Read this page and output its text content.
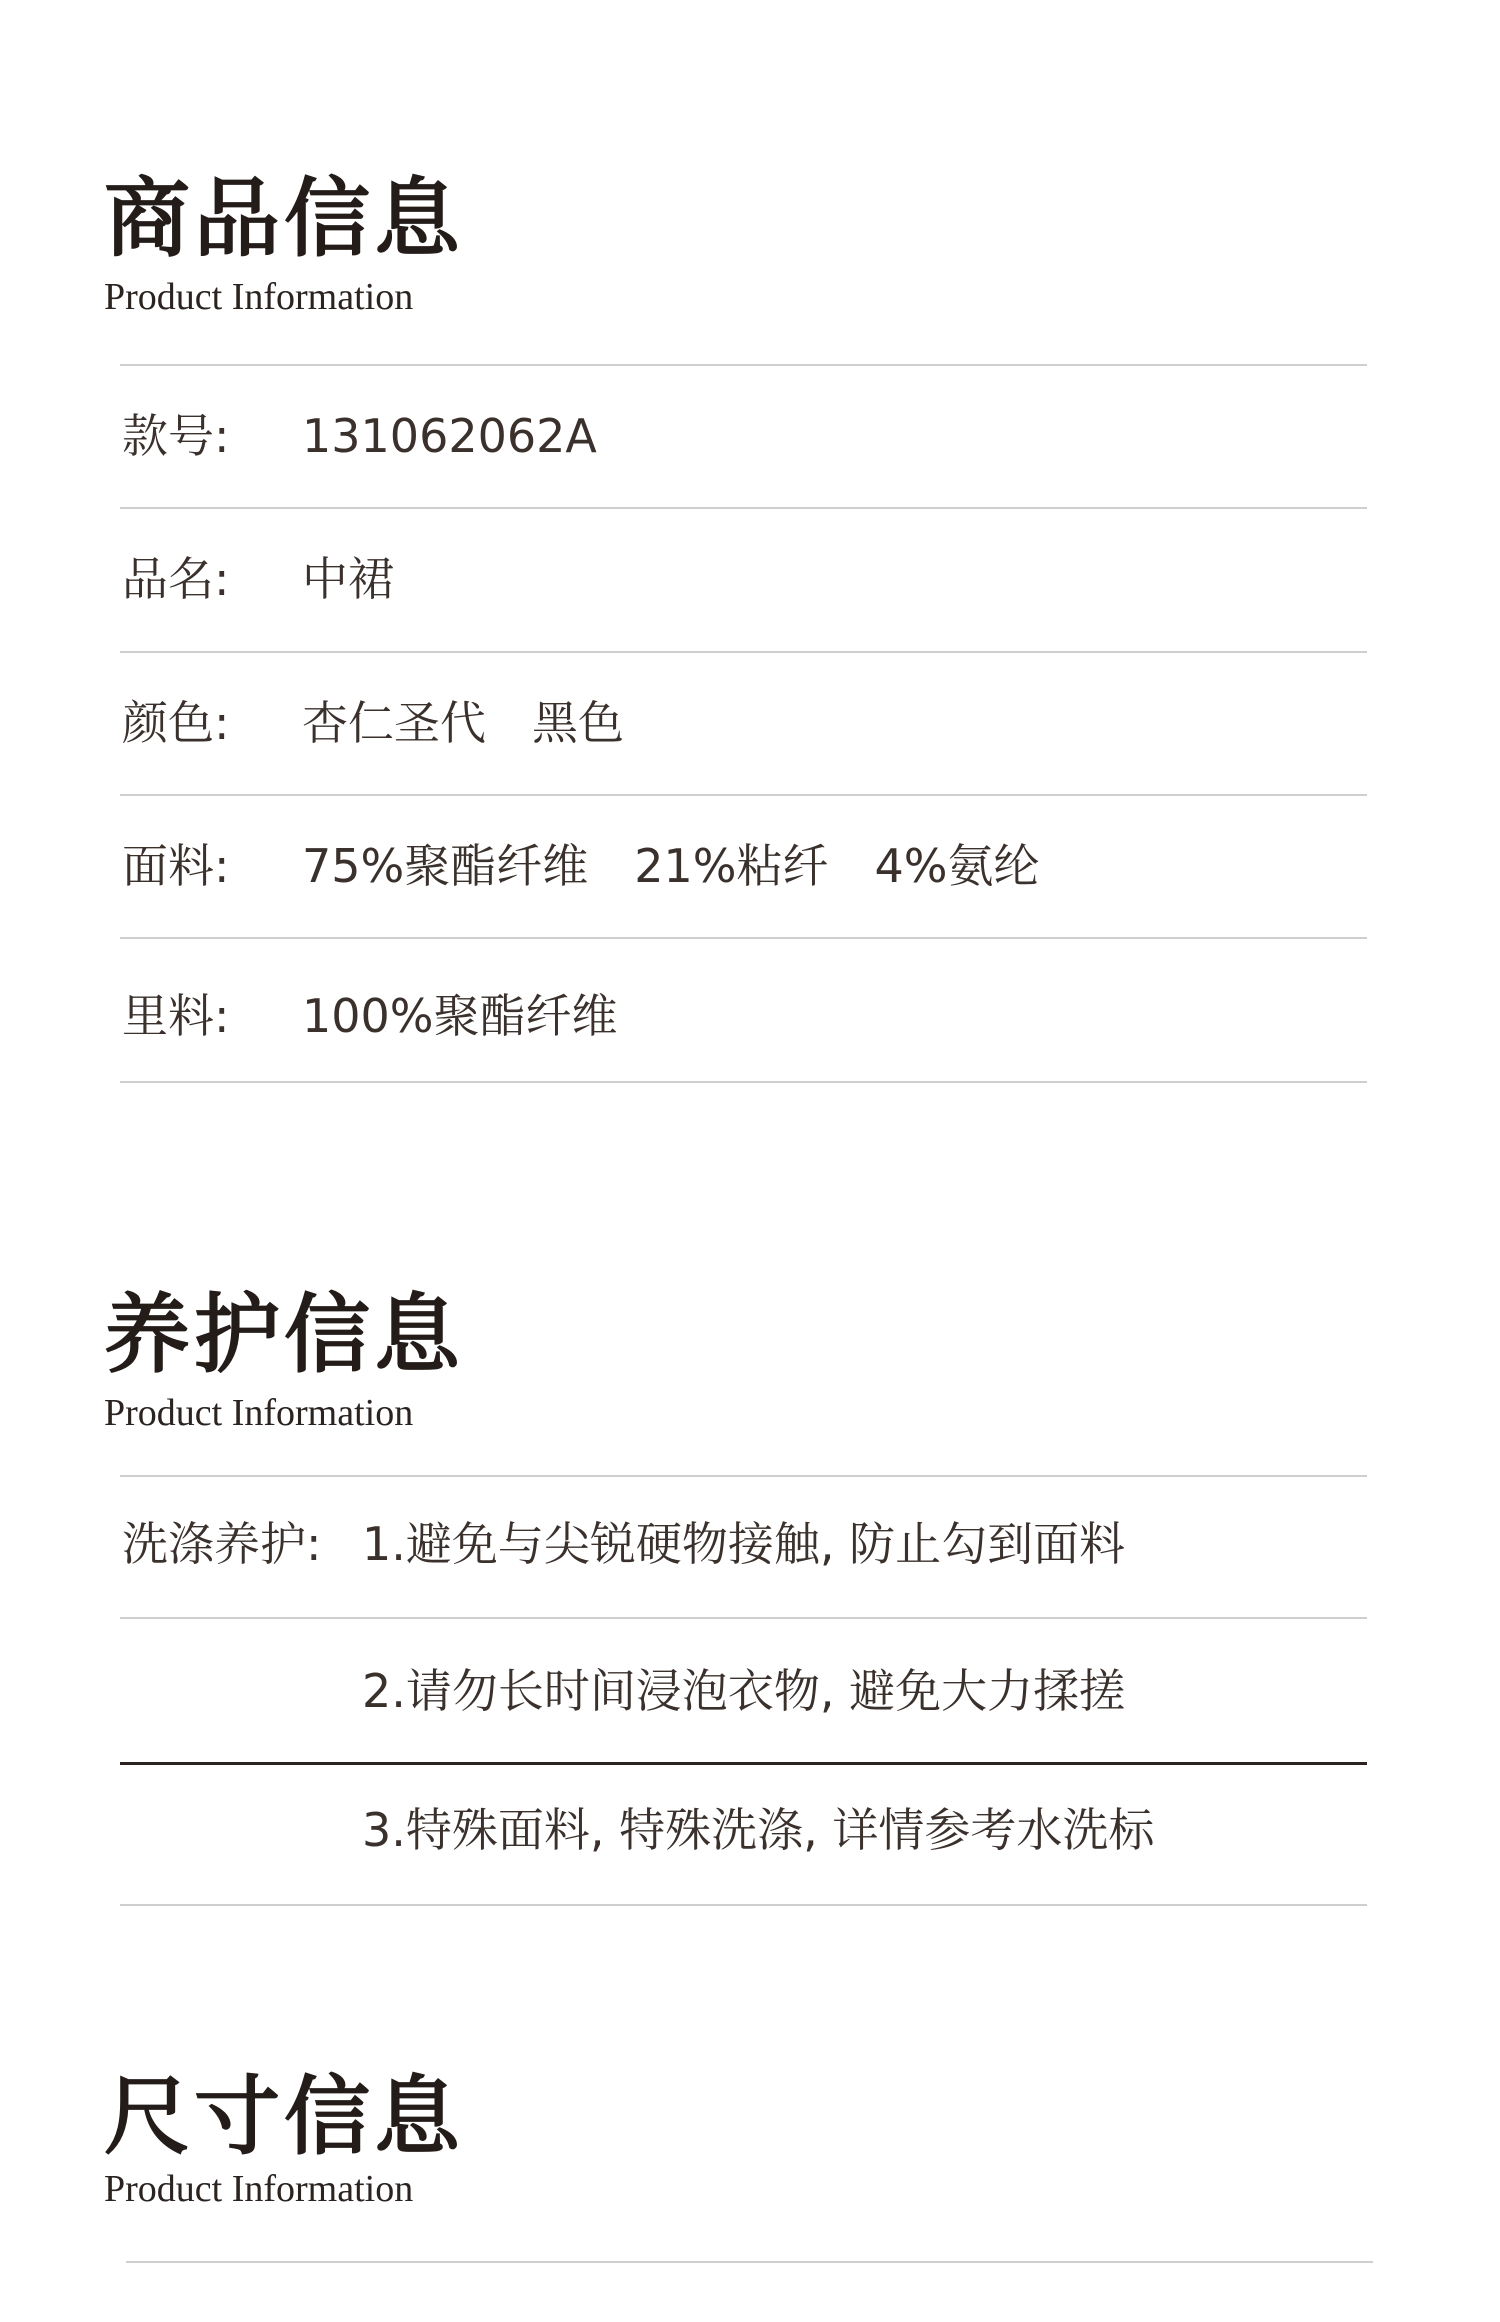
商品信息
Product Information
款号: 131062062A
品名: 中裙
颜色: 杏仁圣代 黑色
面料: 75%聚酯纤维 21%粘纤 4%氨纶
里料: 100%聚酯纤维
养护信息
Product Information
洗涤养护: 1.避免与尖锐硬物接触, 防止勾到面料
2.请勿长时间浸泡衣物, 避免大力揉搓
3.特殊面料, 特殊洗涤, 详情参考水洗标
尺寸信息
Product Information
